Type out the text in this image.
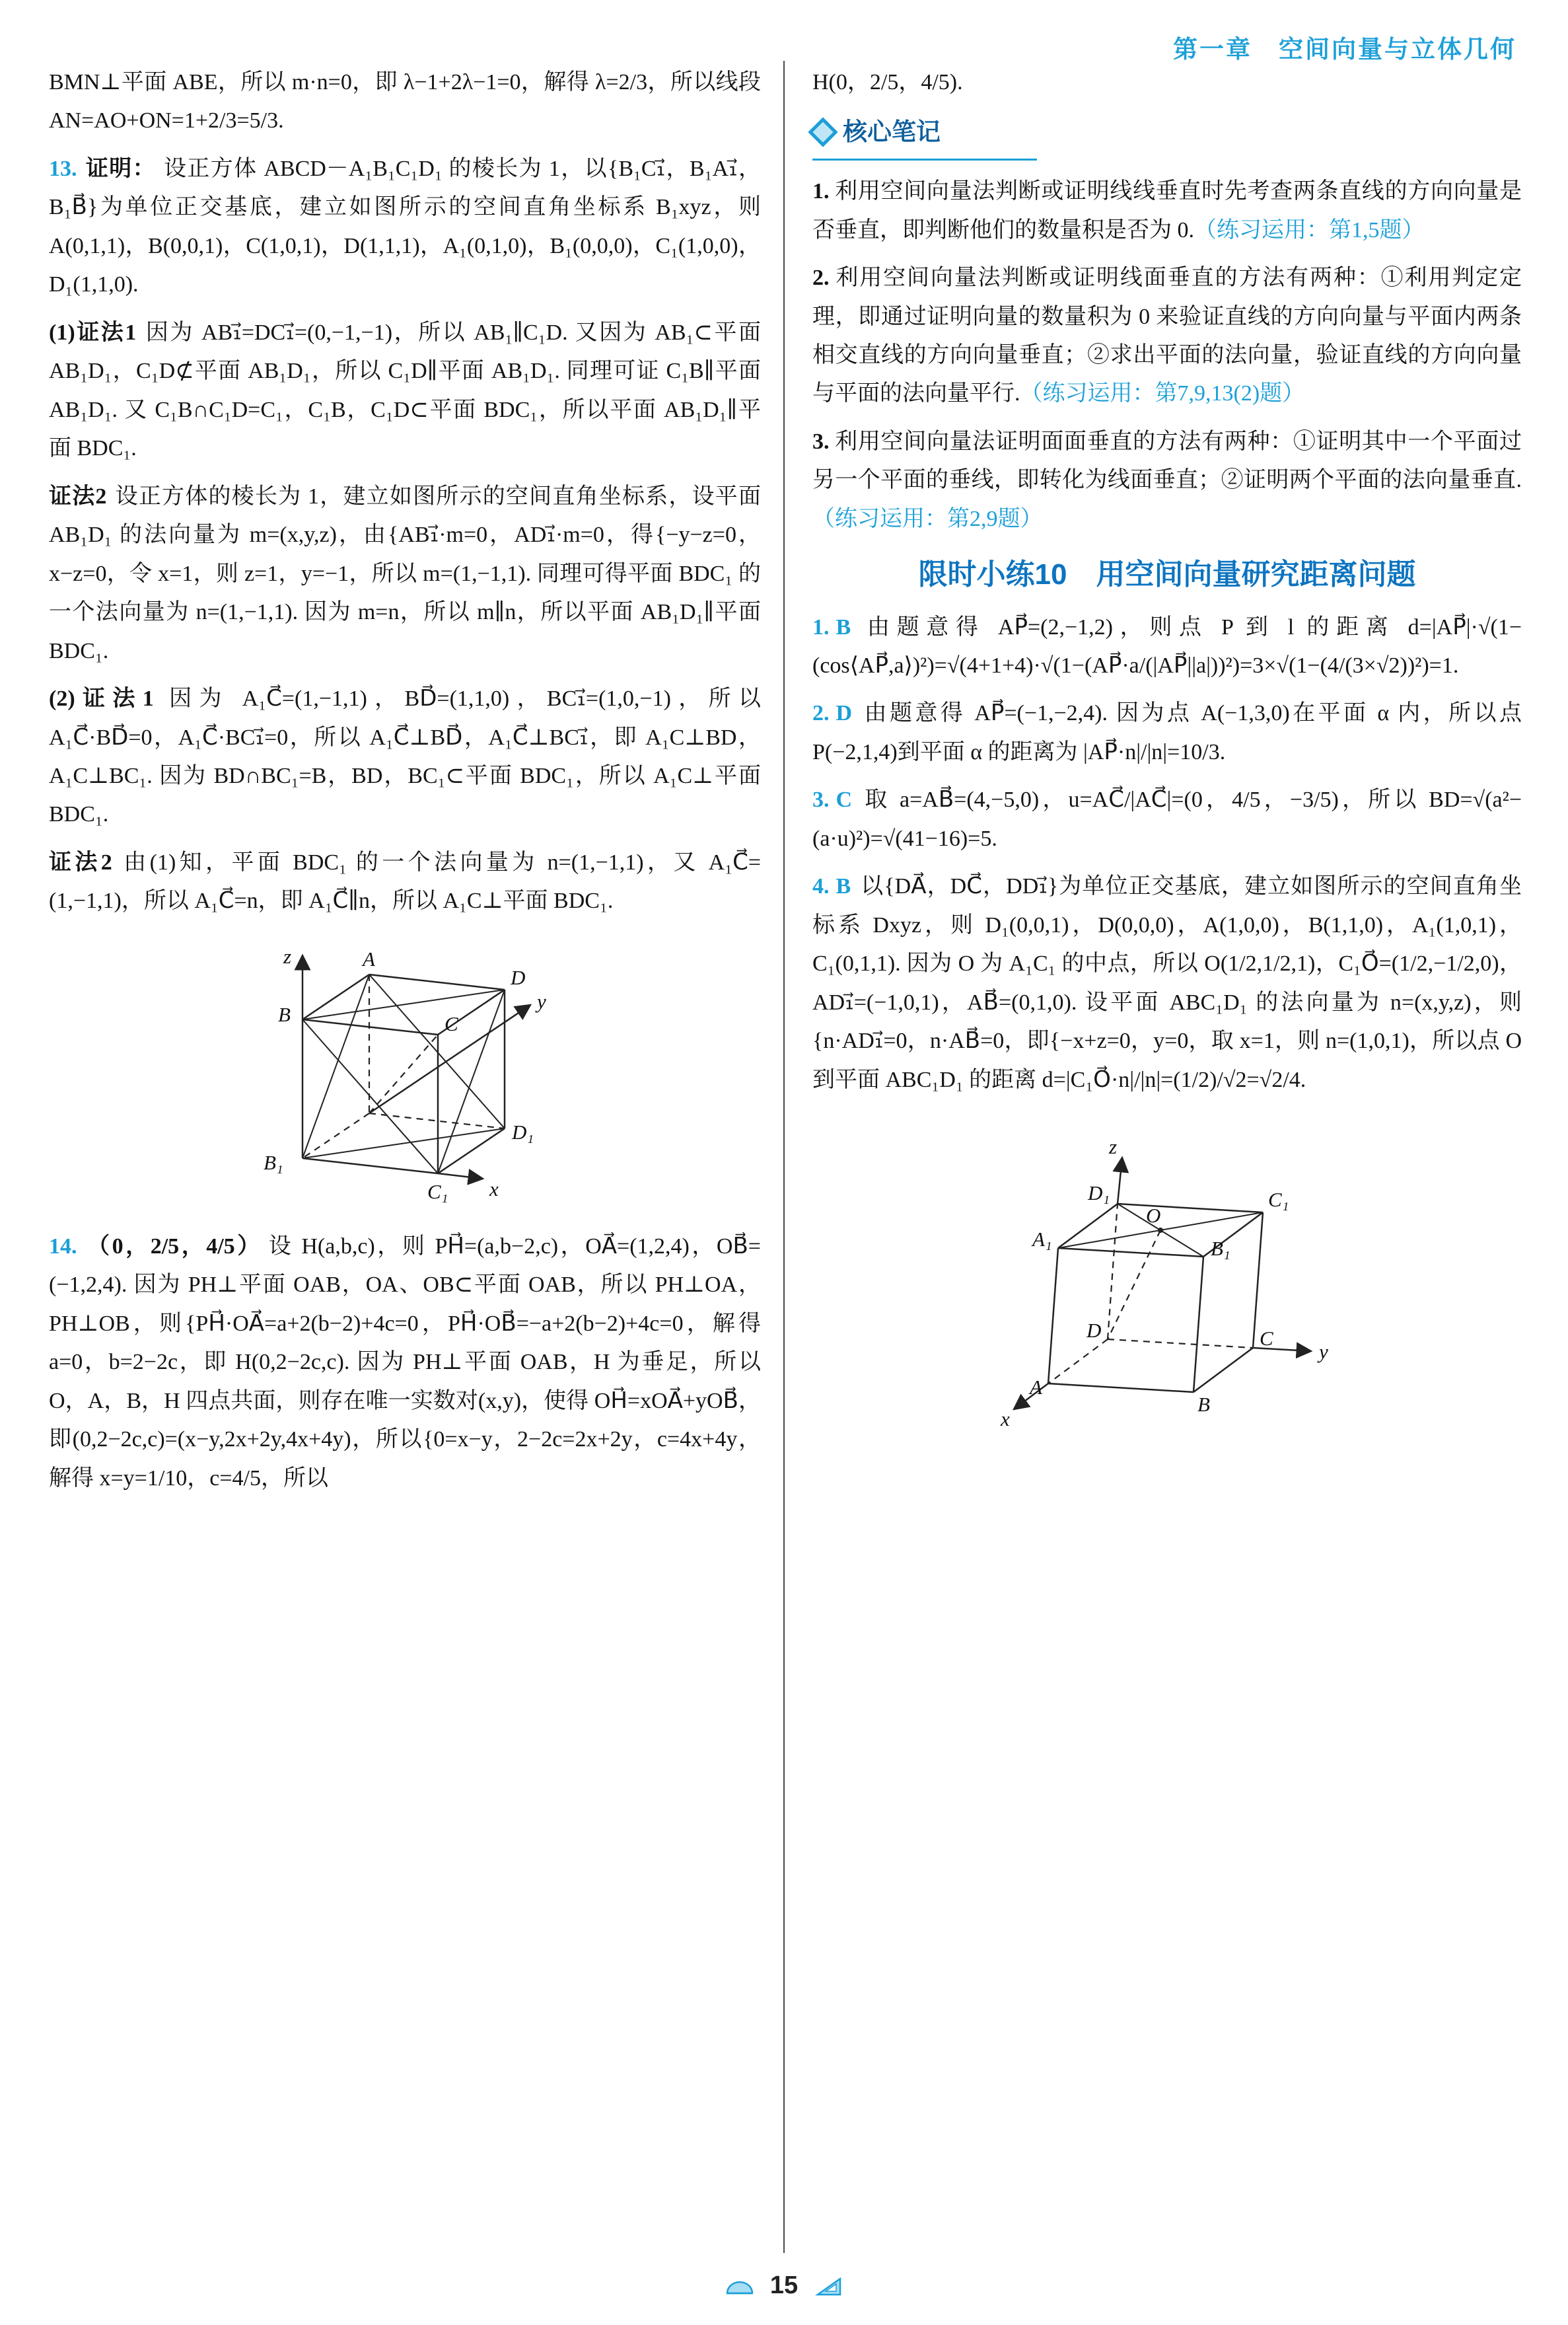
第一章　空间向量与立体几何

BMN⊥平面 ABE，所以 m·n=0，即 λ−1+2λ−1=0，解得 λ=2/3，所以线段 AN=AO+ON=1+2/3=5/3.

13. 证明： 设正方体 ABCD－A₁B₁C₁D₁ 的棱长为 1，以{B₁C₁⃗，B₁A₁⃗，B₁B⃗}为单位正交基底，建立如图所示的空间直角坐标系 B₁xyz，则 A(0,1,1)，B(0,0,1)，C(1,0,1)，D(1,1,1)，A₁(0,1,0)，B₁(0,0,0)，C₁(1,0,0)，D₁(1,1,0).

(1)证法1 因为 AB₁⃗=DC₁⃗=(0,−1,−1)，所以 AB₁∥C₁D. 又因为 AB₁⊂平面 AB₁D₁，C₁D⊄平面 AB₁D₁，所以 C₁D∥平面 AB₁D₁. 同理可证 C₁B∥平面 AB₁D₁. 又 C₁B∩C₁D=C₁，C₁B，C₁D⊂平面 BDC₁，所以平面 AB₁D₁∥平面 BDC₁.

证法2 设正方体的棱长为 1，建立如图所示的空间直角坐标系，设平面 AB₁D₁ 的法向量为 m=(x,y,z)，由{AB₁⃗·m=0，AD₁⃗·m=0，得{−y−z=0，x−z=0，令 x=1，则 z=1，y=−1，所以 m=(1,−1,1). 同理可得平面 BDC₁ 的一个法向量为 n=(1,−1,1). 因为 m=n，所以 m∥n，所以平面 AB₁D₁∥平面 BDC₁.

(2)证法1 因为 A₁C⃗=(1,−1,1)，BD⃗=(1,1,0)，BC₁⃗=(1,0,−1)，所以 A₁C⃗·BD⃗=0，A₁C⃗·BC₁⃗=0，所以 A₁C⃗⊥BD⃗，A₁C⃗⊥BC₁⃗，即 A₁C⊥BD，A₁C⊥BC₁. 因为 BD∩BC₁=B，BD，BC₁⊂平面 BDC₁，所以 A₁C⊥平面 BDC₁.

证法2 由(1)知，平面 BDC₁ 的一个法向量为 n=(1,−1,1)，又 A₁C⃗=(1,−1,1)，所以 A₁C⃗=n，即 A₁C⃗∥n，所以 A₁C⊥平面 BDC₁.

z	A
D
B	C
D₁
B₁
C₁ x
y

14. （0，2/5，4/5） 设 H(a,b,c)，则 PH⃗=(a,b−2,c)，OA⃗=(1,2,4)，OB⃗=(−1,2,4). 因为 PH⊥平面 OAB，OA、OB⊂平面 OAB，所以 PH⊥OA，PH⊥OB，则{PH⃗·OA⃗=a+2(b−2)+4c=0，PH⃗·OB⃗=−a+2(b−2)+4c=0，解得 a=0，b=2−2c，即 H(0,2−2c,c). 因为 PH⊥平面 OAB，H 为垂足，所以 O，A，B，H 四点共面，则存在唯一实数对(x,y)，使得 OH⃗=xOA⃗+yOB⃗，即(0,2−2c,c)=(x−y,2x+2y,4x+4y)，所以{0=x−y，2−2c=2x+2y，c=4x+4y，解得 x=y=1/10，c=4/5，所以

H(0，2/5，4/5).

核心笔记

1. 利用空间向量法判断或证明线线垂直时先考查两条直线的方向向量是否垂直，即判断他们的数量积是否为 0.（练习运用：第1,5题）

2. 利用空间向量法判断或证明线面垂直的方法有两种：①利用判定定理，即通过证明向量的数量积为 0 来验证直线的方向向量与平面内两条相交直线的方向向量垂直；②求出平面的法向量，验证直线的方向向量与平面的法向量平行.（练习运用：第7,9,13(2)题）

3. 利用空间向量法证明面面垂直的方法有两种：①证明其中一个平面过另一个平面的垂线，即转化为线面垂直；②证明两个平面的法向量垂直.（练习运用：第2,9题）

限时小练10　用空间向量研究距离问题

1. B 由题意得 AP⃗=(2,−1,2)，则点 P 到 l 的距离 d=|AP⃗|·√(1−(cos⟨AP⃗,a⟩)²)=√(4+1+4)·√(1−(AP⃗·a/(|AP⃗||a|))²)=3×√(1−(4/(3×√2))²)=1.

2. D 由题意得 AP⃗=(−1,−2,4). 因为点 A(−1,3,0)在平面 α 内，所以点 P(−2,1,4)到平面 α 的距离为 |AP⃗·n|/|n|=10/3.

3. C 取 a=AB⃗=(4,−5,0)，u=AC⃗/|AC⃗|=(0，4/5，−3/5)，所以 BD=√(a²−(a·u)²)=√(41−16)=5.

4. B 以{DA⃗，DC⃗，DD₁⃗}为单位正交基底，建立如图所示的空间直角坐标系 Dxyz，则 D₁(0,0,1)，D(0,0,0)，A(1,0,0)，B(1,1,0)，A₁(1,0,1)，C₁(0,1,1). 因为 O 为 A₁C₁ 的中点，所以 O(1/2,1/2,1)，C₁O⃗=(1/2,−1/2,0)，AD₁⃗=(−1,0,1)，AB⃗=(0,1,0). 设平面 ABC₁D₁ 的法向量为 n=(x,y,z)，则{n·AD₁⃗=0，n·AB⃗=0，即{−x+z=0，y=0，取 x=1，则 n=(1,0,1)，所以点 O 到平面 ABC₁D₁ 的距离 d=|C₁O⃗·n|/|n|=(1/2)/√2=√2/4.

z
D₁	C₁
O
A₁	B₁
D	C
y
A
B
x
15
